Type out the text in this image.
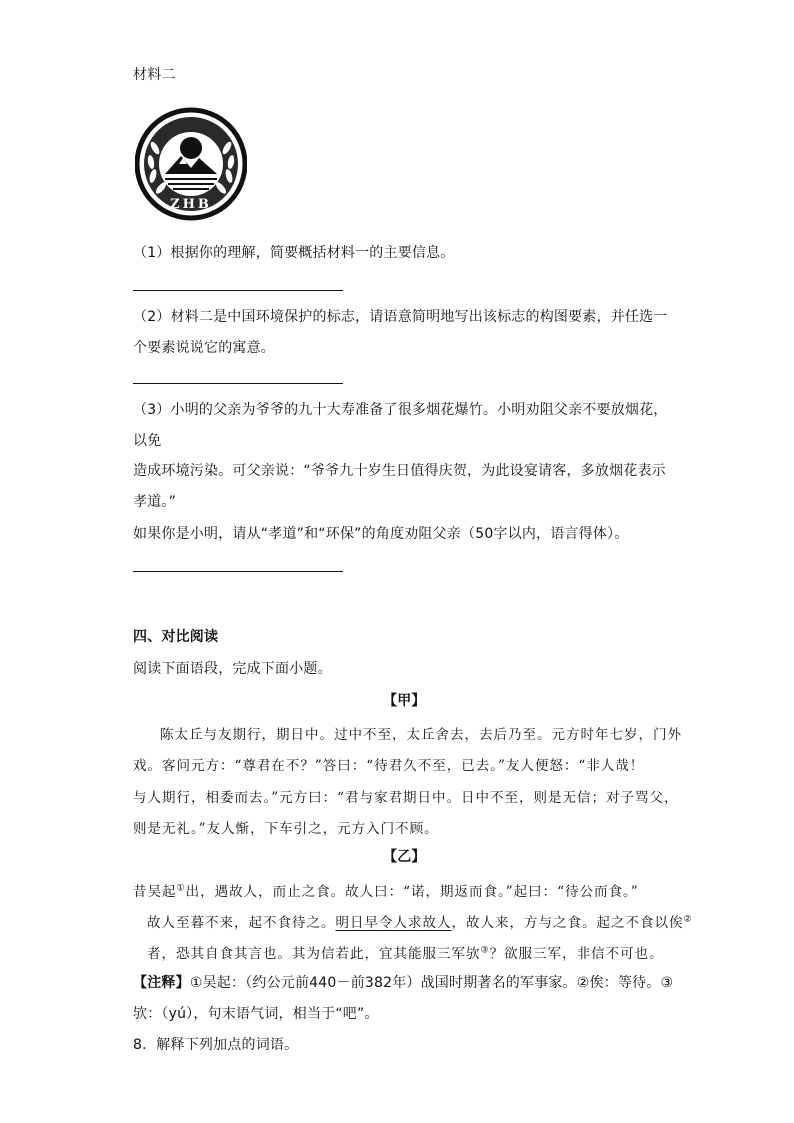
材料二
ZHB
（1）根据你的理解，简要概括材料一的主要信息。
（2）材料二是中国环境保护的标志，请语意简明地写出该标志的构图要素，并任选一
个要素说说它的寓意。
（3）小明的父亲为爷爷的九十大寿准备了很多烟花爆竹。小明劝阻父亲不要放烟花，
以免
造成环境污染。可父亲说：“爷爷九十岁生日值得庆贺，为此设宴请客，多放烟花表示
孝道。”
如果你是小明，请从“孝道”和“环保”的角度劝阻父亲（50字以内，语言得体）。
四、对比阅读
阅读下面语段，完成下面小题。
【甲】
陈太丘与友期行，期日中。过中不至，太丘舍去，去后乃至。元方时年七岁，门外
戏。客问元方：“尊君在不？”答曰：“待君久不至，已去。”友人便怒：“非人哉！
与人期行，相委而去。”元方曰：“君与家君期日中。日中不至，则是无信；对子骂父，
则是无礼。”友人惭，下车引之，元方入门不顾。
【乙】
昔吴起①出，遇故人，而止之食。故人曰：“诺，期返而食。”起曰：“待公而食。”
故人至暮不来，起不食待之。明日早令人求故人，故人来，方与之食。起之不食以俟②
者，恐其自食其言也。其为信若此，宜其能服三军欤③？欲服三军，非信不可也。
【注释】①吴起：（约公元前440－前382年）战国时期著名的军事家。②俟：等待。③
欤：（yú），句末语气词，相当于“吧”。
8．解释下列加点的词语。
